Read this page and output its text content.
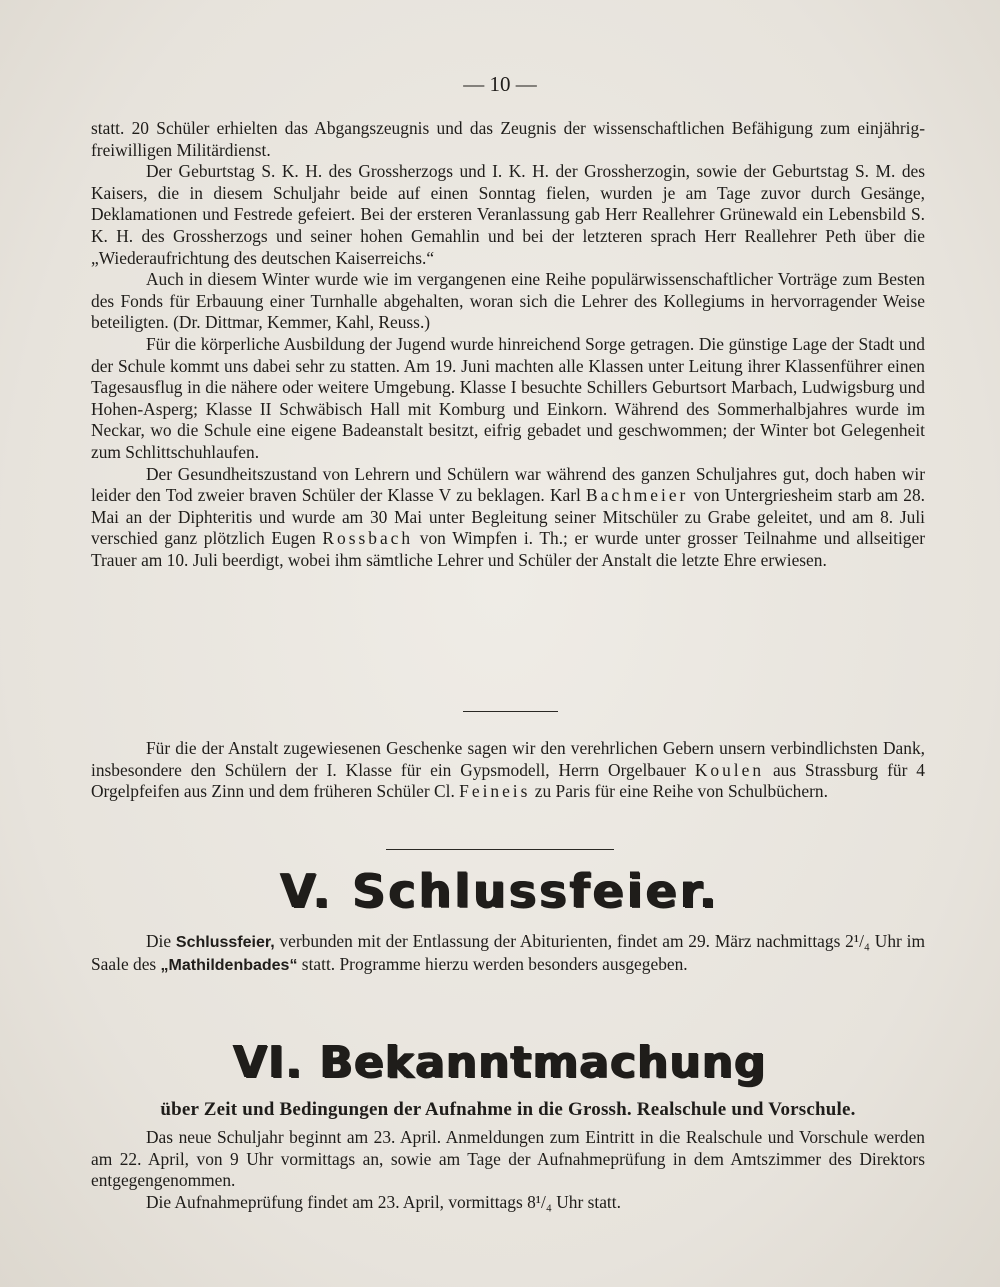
— 10 —

statt. 20 Schüler erhielten das Abgangszeugnis und das Zeugnis der wissenschaftlichen Befähigung zum einjährig-freiwilligen Militärdienst.

Der Geburtstag S. K. H. des Grossherzogs und I. K. H. der Grossherzogin, sowie der Geburtstag S. M. des Kaisers, die in diesem Schuljahr beide auf einen Sonntag fielen, wurden je am Tage zuvor durch Gesänge, Deklamationen und Festrede gefeiert. Bei der ersteren Veranlassung gab Herr Reallehrer Grünewald ein Lebensbild S. K. H. des Grossherzogs und seiner hohen Gemahlin und bei der letzteren sprach Herr Reallehrer Peth über die „Wiederaufrichtung des deutschen Kaiserreichs.“

Auch in diesem Winter wurde wie im vergangenen eine Reihe populärwissenschaftlicher Vorträge zum Besten des Fonds für Erbauung einer Turnhalle abgehalten, woran sich die Lehrer des Kollegiums in hervorragender Weise beteiligten. (Dr. Dittmar, Kemmer, Kahl, Reuss.)

Für die körperliche Ausbildung der Jugend wurde hinreichend Sorge getragen. Die günstige Lage der Stadt und der Schule kommt uns dabei sehr zu statten. Am 19. Juni machten alle Klassen unter Leitung ihrer Klassenführer einen Tagesausflug in die nähere oder weitere Umgebung. Klasse I besuchte Schillers Geburtsort Marbach, Ludwigsburg und Hohen-Asperg; Klasse II Schwäbisch Hall mit Komburg und Einkorn. Während des Sommerhalbjahres wurde im Neckar, wo die Schule eine eigene Badeanstalt besitzt, eifrig gebadet und geschwommen; der Winter bot Gelegenheit zum Schlittschuhlaufen.

Der Gesundheitszustand von Lehrern und Schülern war während des ganzen Schuljahres gut, doch haben wir leider den Tod zweier braven Schüler der Klasse V zu beklagen. Karl Bachmeier von Untergriesheim starb am 28. Mai an der Diphteritis und wurde am 30 Mai unter Begleitung seiner Mitschüler zu Grabe geleitet, und am 8. Juli verschied ganz plötzlich Eugen Rossbach von Wimpfen i. Th.; er wurde unter grosser Teilnahme und allseitiger Trauer am 10. Juli beerdigt, wobei ihm sämtliche Lehrer und Schüler der Anstalt die letzte Ehre erwiesen.

Für die der Anstalt zugewiesenen Geschenke sagen wir den verehrlichen Gebern unsern verbindlichsten Dank, insbesondere den Schülern der I. Klasse für ein Gypsmodell, Herrn Orgelbauer Koulen aus Strassburg für 4 Orgelpfeifen aus Zinn und dem früheren Schüler Cl. Feineis zu Paris für eine Reihe von Schulbüchern.

V. Schlussfeier.

Die Schlussfeier, verbunden mit der Entlassung der Abiturienten, findet am 29. März nachmittags 2¹/₄ Uhr im Saale des „Mathildenbades“ statt. Programme hierzu werden besonders ausgegeben.

VI. Bekanntmachung
über Zeit und Bedingungen der Aufnahme in die Grossh. Realschule und Vorschule.

Das neue Schuljahr beginnt am 23. April. Anmeldungen zum Eintritt in die Realschule und Vorschule werden am 22. April, von 9 Uhr vormittags an, sowie am Tage der Aufnahmeprüfung in dem Amtszimmer des Direktors entgegengenommen.

Die Aufnahmeprüfung findet am 23. April, vormittags 8¹/₄ Uhr statt.
